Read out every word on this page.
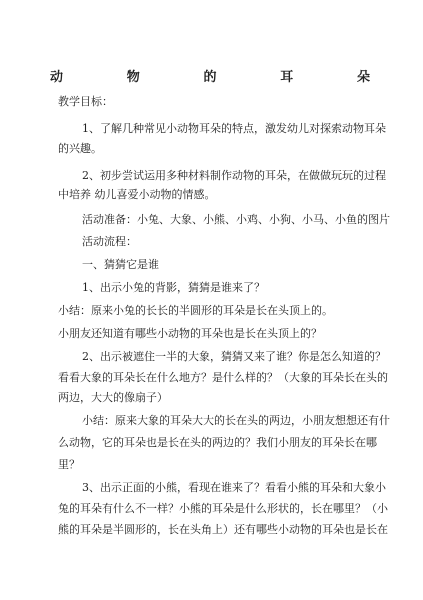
动	物	的	耳	朵
教学目标：
1、了解几种常见小动物耳朵的特点，激发幼儿对探索动物耳朵
的兴趣。
2、初步尝试运用多种材料制作动物的耳朵，在做做玩玩的过程
中培养 幼儿喜爱小动物的情感。
活动准备：小兔、大象、小熊、小鸡、小狗、小马、小鱼的图片
活动流程：
一、猜猜它是谁
1、出示小兔的背影，猜猜是谁来了？
小结：原来小兔的长长的半圆形的耳朵是长在头顶上的。
小朋友还知道有哪些小动物的耳朵也是长在头顶上的？
2、出示被遮住一半的大象，猜猜又来了谁？你是怎么知道的？
看看大象的耳朵长在什么地方？是什么样的？（大象的耳朵长在头的
两边，大大的像扇子）
小结：原来大象的耳朵大大的长在头的两边，小朋友想想还有什
么动物，它的耳朵也是长在头的两边的？我们小朋友的耳朵长在哪
里？
3、出示正面的小熊，看现在谁来了？看看小熊的耳朵和大象小
兔的耳朵有什么不一样？小熊的耳朵是什么形状的，长在哪里？（小
熊的耳朵是半圆形的，长在头角上）还有哪些小动物的耳朵也是长在
